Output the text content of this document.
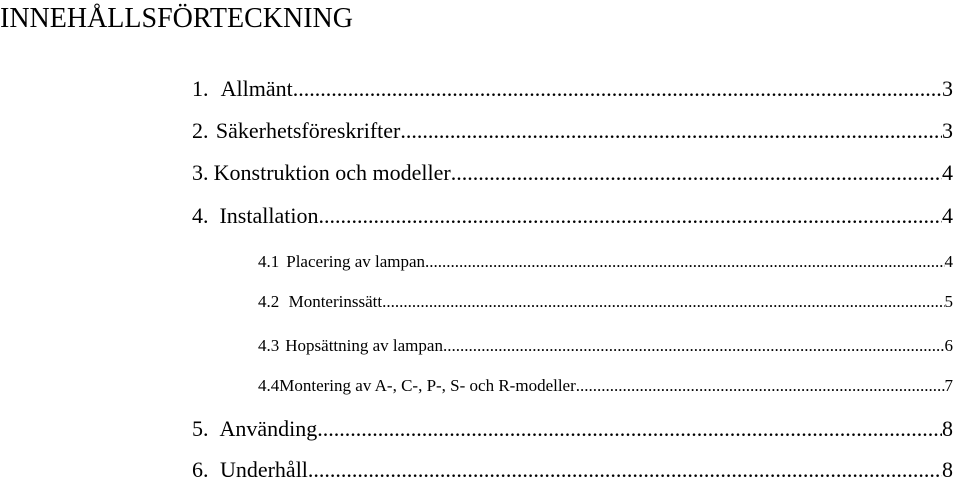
INNEHÅLLSFÖRTECKNING
1. Allmänt .....	3
2. Säkerhetsföreskrifter .....	3
3. Konstruktion och modeller .....	4
4. Installation .....	4
4.1 Placering av lampan .....	4
4.2 Monterinssätt .....	5
4.3 Hopsättning av lampan .....	6
4.4 Montering av A-, C-, P-, S- och R-modeller .....	7
5. Använding .....	8
6. Underhåll .....	8
